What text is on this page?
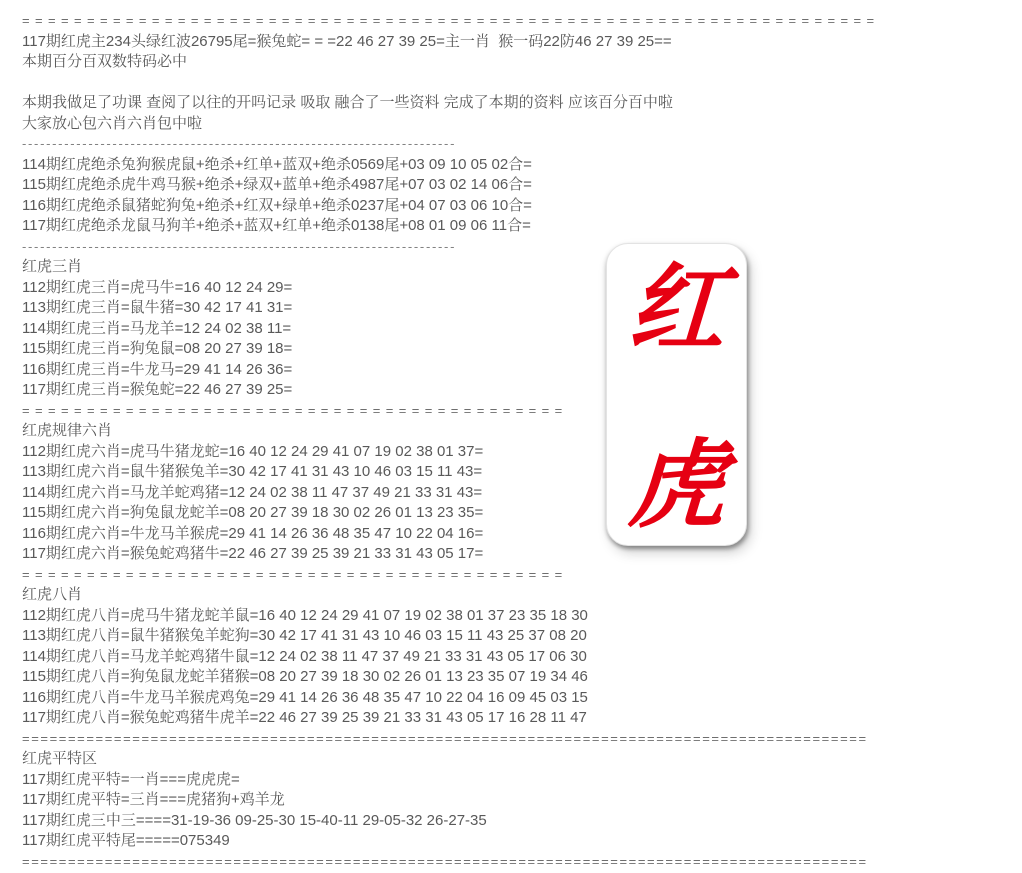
==================================================================
117期红虎主234头绿红波26795尾=猴兔蛇= = =22 46 27 39 25=主一肖  猴一码22防46 27 39 25==
本期百分百双数特码必中
本期我做足了功课 查阅了以往的开吗记录 吸取 融合了一些资料 完成了本期的资料 应该百分百中啦
大家放心包六肖六肖包中啦
------------------------------------------------------------------------
114期红虎绝杀兔狗猴虎鼠+绝杀+红单+蓝双+绝杀0569尾+03 09 10 05 02合=
115期红虎绝杀虎牛鸡马猴+绝杀+绿双+蓝单+绝杀4987尾+07 03 02 14 06合=
116期红虎绝杀鼠猪蛇狗兔+绝杀+红双+绿单+绝杀0237尾+04 07 03 06 10合=
117期红虎绝杀龙鼠马狗羊+绝杀+蓝双+红单+绝杀0138尾+08 01 09 06 11合=
------------------------------------------------------------------------
红虎三肖
112期红虎三肖=虎马牛=16 40 12 24 29=
113期红虎三肖=鼠牛猪=30 42 17 41 31=
114期红虎三肖=马龙羊=12 24 02 38 11=
115期红虎三肖=狗兔鼠=08 20 27 39 18=
116期红虎三肖=牛龙马=29 41 14 26 36=
117期红虎三肖=猴兔蛇=22 46 27 39 25=
==========================================
红虎规律六肖
112期红虎六肖=虎马牛猪龙蛇=16 40 12 24 29 41 07 19 02 38 01 37=
113期红虎六肖=鼠牛猪猴兔羊=30 42 17 41 31 43 10 46 03 15 11 43=
114期红虎六肖=马龙羊蛇鸡猪=12 24 02 38 11 47 37 49 21 33 31 43=
115期红虎六肖=狗兔鼠龙蛇羊=08 20 27 39 18 30 02 26 01 13 23 35=
116期红虎六肖=牛龙马羊猴虎=29 41 14 26 36 48 35 47 10 22 04 16=
117期红虎六肖=猴兔蛇鸡猪牛=22 46 27 39 25 39 21 33 31 43 05 17=
==========================================
红虎八肖
112期红虎八肖=虎马牛猪龙蛇羊鼠=16 40 12 24 29 41 07 19 02 38 01 37 23 35 18 30
113期红虎八肖=鼠牛猪猴兔羊蛇狗=30 42 17 41 31 43 10 46 03 15 11 43 25 37 08 20
114期红虎八肖=马龙羊蛇鸡猪牛鼠=12 24 02 38 11 47 37 49 21 33 31 43 05 17 06 30
115期红虎八肖=狗兔鼠龙蛇羊猪猴=08 20 27 39 18 30 02 26 01 13 23 35 07 19 34 46
116期红虎八肖=牛龙马羊猴虎鸡兔=29 41 14 26 36 48 35 47 10 22 04 16 09 45 03 15
117期红虎八肖=猴兔蛇鸡猪牛虎羊=22 46 27 39 25 39 21 33 31 43 05 17 16 28 11 47
============================================================================================
红虎平特区
117期红虎平特=一肖===虎虎虎=
117期红虎平特=三肖===虎猪狗+鸡羊龙
117期红虎三中三====31-19-36 09-25-30 15-40-11 29-05-32 26-27-35
117期红虎平特尾=====075349
============================================================================================
红
虎
